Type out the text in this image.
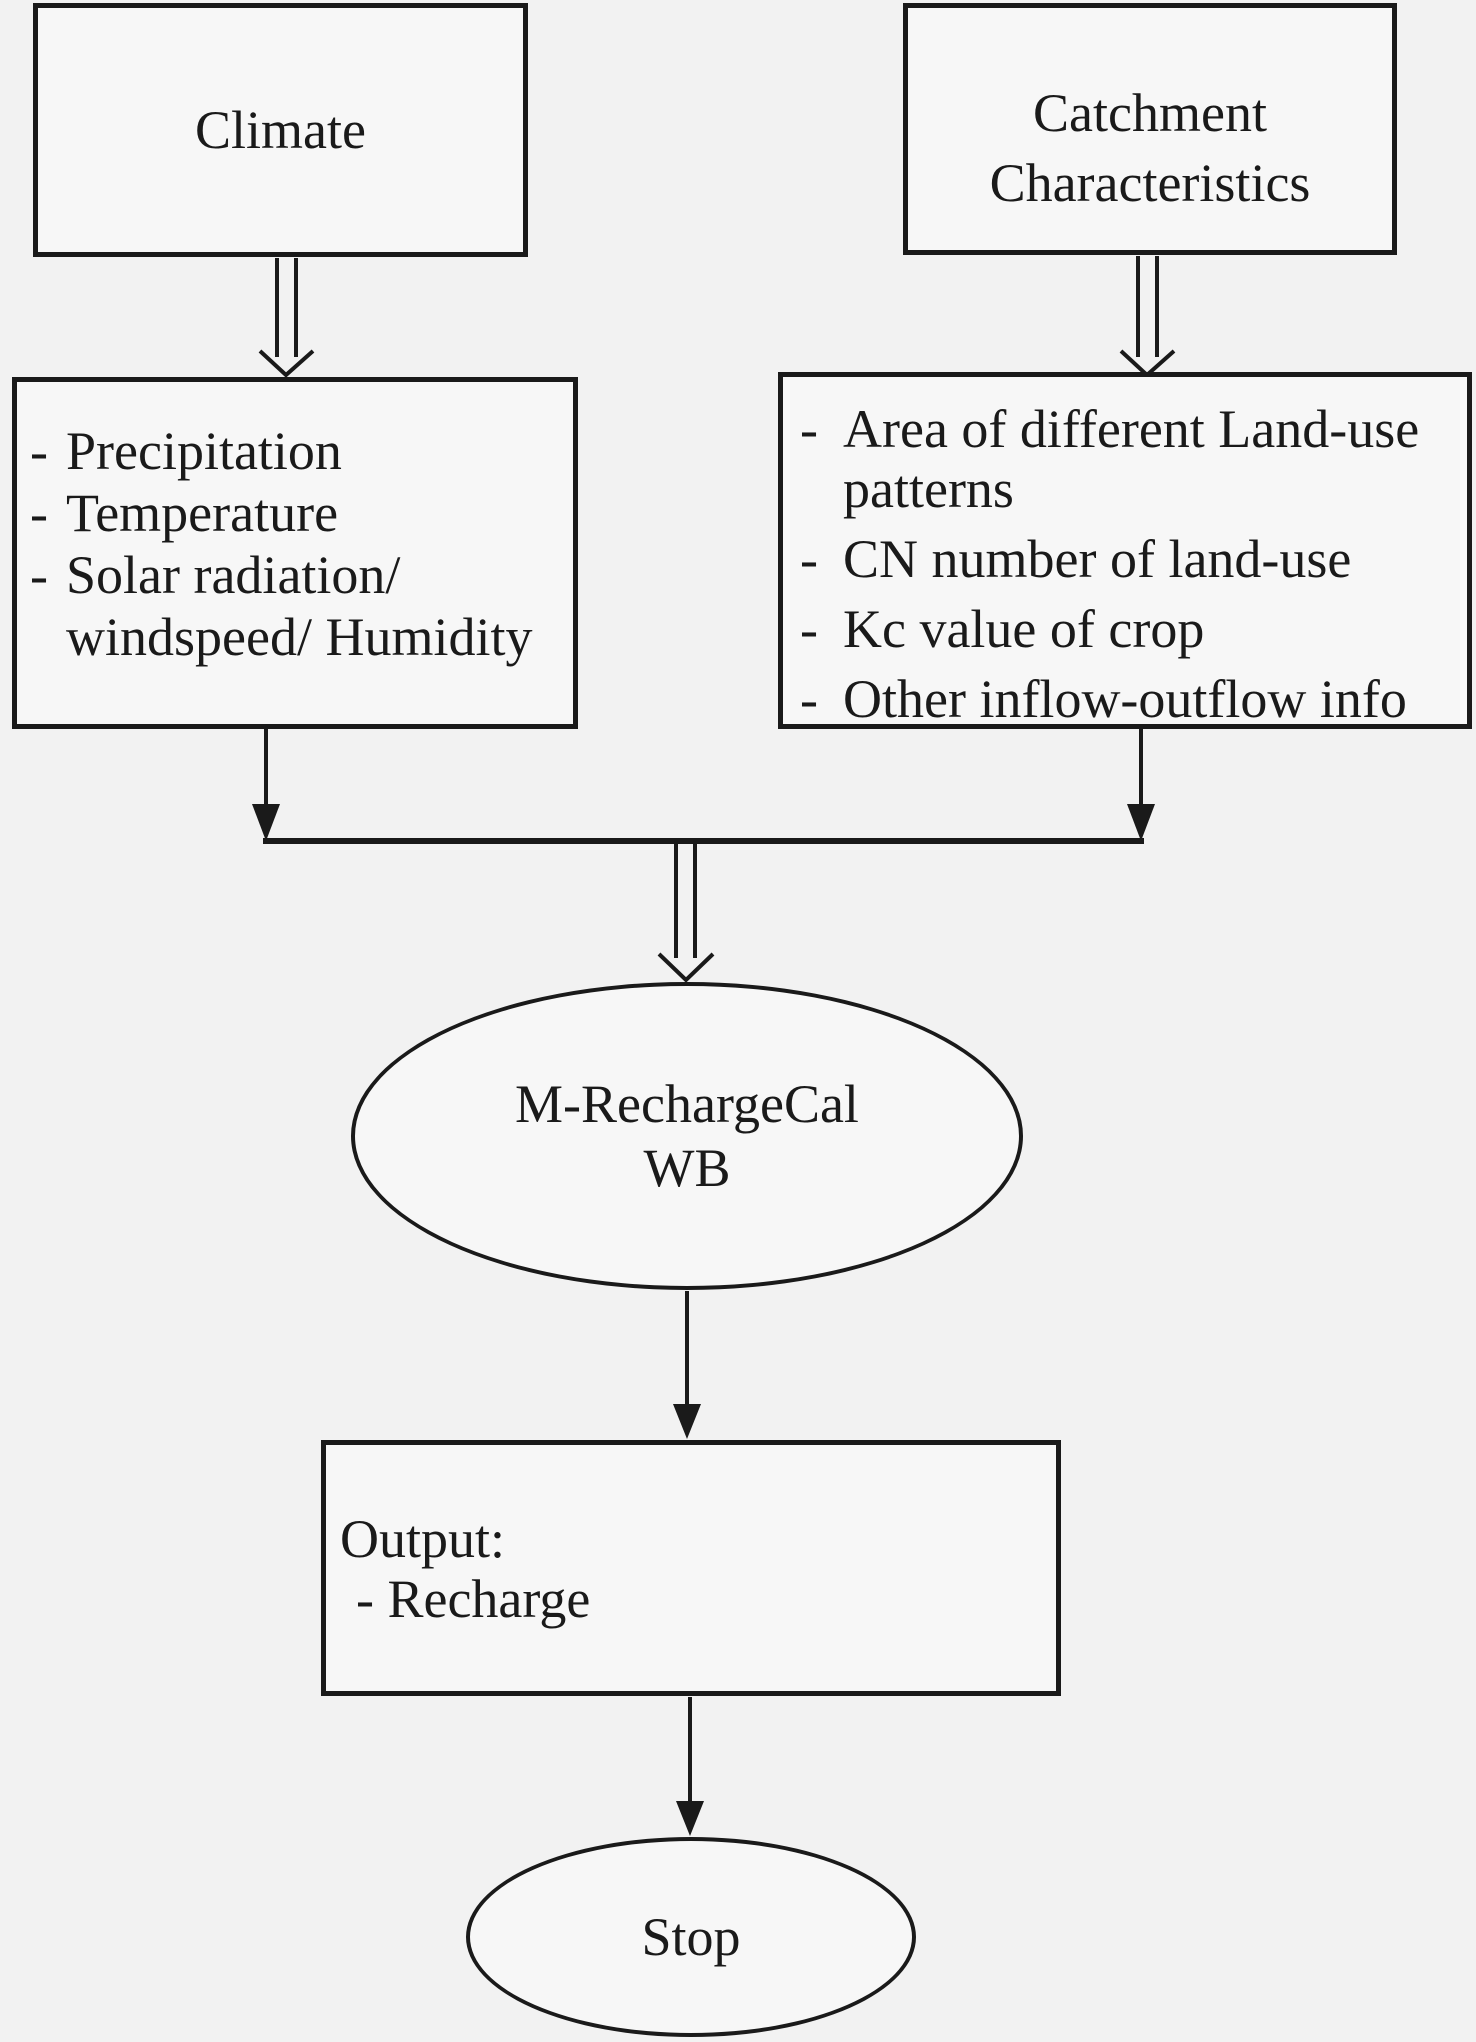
Climate	Catchment
Characteristics
- Precipitation
- Temperature
- Solar radiation/ windspeed/ Humidity
- Area of different Land-use patterns
- CN number of land-use
- Kc value of crop
- Other inflow-outflow info
M-RechargeCal
WB
Output:
- Recharge
Stop
